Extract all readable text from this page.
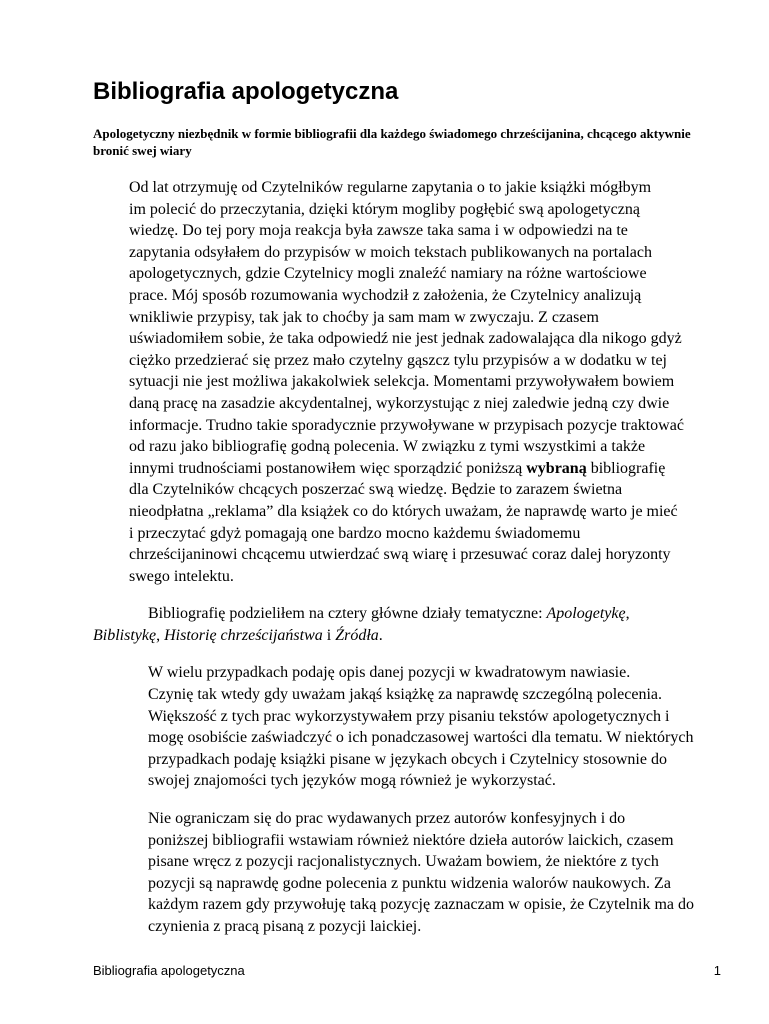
Bibliografia apologetyczna

Apologetyczny niezbędnik w formie bibliografii dla każdego świadomego chrześcijanina, chcącego aktywnie bronić swej wiary

Od lat otrzymuję od Czytelników regularne zapytania o to jakie książki mógłbym
im polecić do przeczytania, dzięki którym mogliby pogłębić swą apologetyczną
wiedzę. Do tej pory moja reakcja była zawsze taka sama i w odpowiedzi na te
zapytania odsyłałem do przypisów w moich tekstach publikowanych na portalach
apologetycznych, gdzie Czytelnicy mogli znaleźć namiary na różne wartościowe
prace. Mój sposób rozumowania wychodził z założenia, że Czytelnicy analizują
wnikliwie przypisy, tak jak to choćby ja sam mam w zwyczaju. Z czasem
uświadomiłem sobie, że taka odpowiedź nie jest jednak zadowalająca dla nikogo gdyż
ciężko przedzierać się przez mało czytelny gąszcz tylu przypisów a w dodatku w tej
sytuacji nie jest możliwa jakakolwiek selekcja. Momentami przywoływałem bowiem
daną pracę na zasadzie akcydentalnej, wykorzystując z niej zaledwie jedną czy dwie
informacje. Trudno takie sporadycznie przywoływane w przypisach pozycje traktować
od razu jako bibliografię godną polecenia. W związku z tymi wszystkimi a także
innymi trudnościami postanowiłem więc sporządzić poniższą wybraną bibliografię
dla Czytelników chcących poszerzać swą wiedzę. Będzie to zarazem świetna
nieodpłatna „reklama” dla książek co do których uważam, że naprawdę warto je mieć
i przeczytać gdyż pomagają one bardzo mocno każdemu świadomemu
chrześcijaninowi chcącemu utwierdzać swą wiarę i przesuwać coraz dalej horyzonty
swego intelektu.

Bibliografię podzieliłem na cztery główne działy tematyczne: Apologetykę,
Biblistykę, Historię chrześcijaństwa i Źródła.

W wielu przypadkach podaję opis danej pozycji w kwadratowym nawiasie.
Czynię tak wtedy gdy uważam jakąś książkę za naprawdę szczególną polecenia.
Większość z tych prac wykorzystywałem przy pisaniu tekstów apologetycznych i
mogę osobiście zaświadczyć o ich ponadczasowej wartości dla tematu. W niektórych
przypadkach podaję książki pisane w językach obcych i Czytelnicy stosownie do
swojej znajomości tych języków mogą również je wykorzystać.

Nie ograniczam się do prac wydawanych przez autorów konfesyjnych i do
poniższej bibliografii wstawiam również niektóre dzieła autorów laickich, czasem
pisane wręcz z pozycji racjonalistycznych. Uważam bowiem, że niektóre z tych
pozycji są naprawdę godne polecenia z punktu widzenia walorów naukowych. Za
każdym razem gdy przywołuję taką pozycję zaznaczam w opisie, że Czytelnik ma do
czynienia z pracą pisaną z pozycji laickiej.

Bibliografia apologetyczna	1
